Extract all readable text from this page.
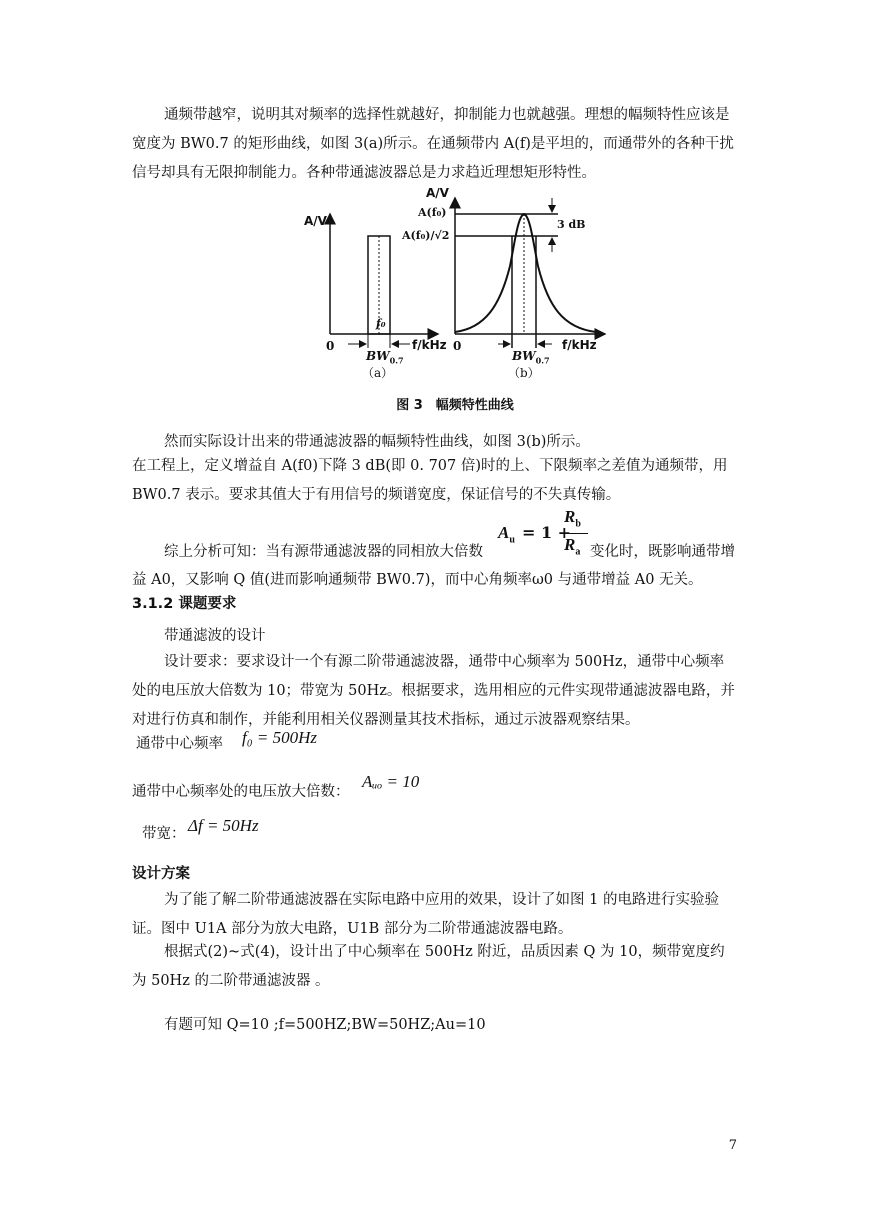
通频带越窄，说明其对频率的选择性就越好，抑制能力也就越强。理想的幅频特性应该是宽度为 BW0.7 的矩形曲线，如图 3(a)所示。在通频带内 A(f)是平坦的，而通带外的各种干扰信号却具有无限抑制能力。各种带通滤波器总是力求趋近理想矩形特性。

A/V
f₀
0
$BW_{0.7}$
f/kHz
（a）
A/V
A(f₀)
A(f₀)/√2
3 dB
0
$BW_{0.7}$
f/kHz
（b）
图 3　幅频特性曲线

然而实际设计出来的带通滤波器的幅频特性曲线，如图 3(b)所示。

在工程上，定义增益自 A(f0)下降 3 dB(即 0. 707 倍)时的上、下限频率之差值为通频带，用 BW0.7 表示。要求其值大于有用信号的频谱宽度，保证信号的不失真传输。

综上分析可知：当有源带通滤波器的同相放大倍数

$A_u = 1$ +
$R_b$
$R_a$ 变化时，既影响通带增

益 A0，又影响 Q 值(进而影响通频带 BW0.7)，而中心角频率ω0 与通带增益 A0 无关。

3.1.2 课题要求

带通滤波的设计

设计要求：要求设计一个有源二阶带通滤波器，通带中心频率为 500Hz，通带中心频率处的电压放大倍数为 10；带宽为 50Hz。根据要求，选用相应的元件实现带通滤波器电路，并对进行仿真和制作，并能利用相关仪器测量其技术指标，通过示波器观察结果。

通带中心频率 f₀ = 500Hz

通带中心频率处的电压放大倍数：

Aᵤₒ = 10

带宽： Δf = 50Hz

设计方案

为了能了解二阶带通滤波器在实际电路中应用的效果，设计了如图 1 的电路进行实验验证。图中 U1A 部分为放大电路，U1B 部分为二阶带通滤波器电路。

根据式(2)~式(4)，设计出了中心频率在 500Hz 附近，品质因素 Q 为 10，频带宽度约为 50Hz 的二阶带通滤波器 。

有题可知 Q=10 ;f=500HZ;BW=50HZ;Au=10

7
